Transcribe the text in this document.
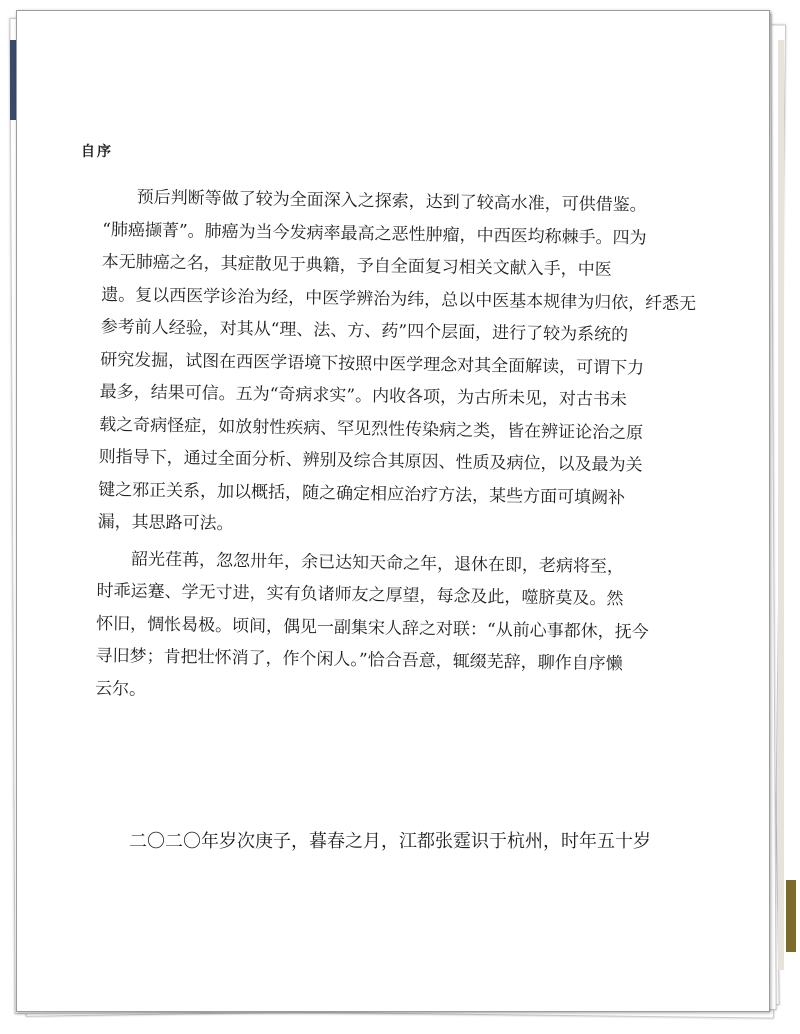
自序

预后判断等做了较为全面深入之探索，达到了较高水准，可供借鉴。

“肺癌撷菁”。肺癌为当今发病率最高之恶性肿瘤，中西医均称棘手。四为

本无肺癌之名，其症散见于典籍，予自全面复习相关文献入手，中医

遗。复以西医学诊治为经，中医学辨治为纬，总以中医基本规律为归依，纤悉无

参考前人经验，对其从“理、法、方、药”四个层面，进行了较为系统的

研究发掘，试图在西医学语境下按照中医学理念对其全面解读，可谓下力

最多，结果可信。五为“奇病求实”。内收各项，为古所未见，对古书未

载之奇病怪症，如放射性疾病、罕见烈性传染病之类，皆在辨证论治之原

则指导下，通过全面分析、辨别及综合其原因、性质及病位，以及最为关

键之邪正关系，加以概括，随之确定相应治疗方法，某些方面可填阙补

漏，其思路可法。

韶光荏苒，忽忽卅年，余已达知天命之年，退休在即，老病将至，

时乖运蹇、学无寸进，实有负诸师友之厚望，每念及此，噬脐莫及。然

怀旧，惆怅曷极。顷间，偶见一副集宋人辞之对联：“从前心事都休，抚今

寻旧梦；肯把壮怀消了，作个闲人。”恰合吾意，辄缀芜辞，聊作自序懒

云尔。

二〇二〇年岁次庚子，暮春之月，江都张霆识于杭州，时年五十岁
